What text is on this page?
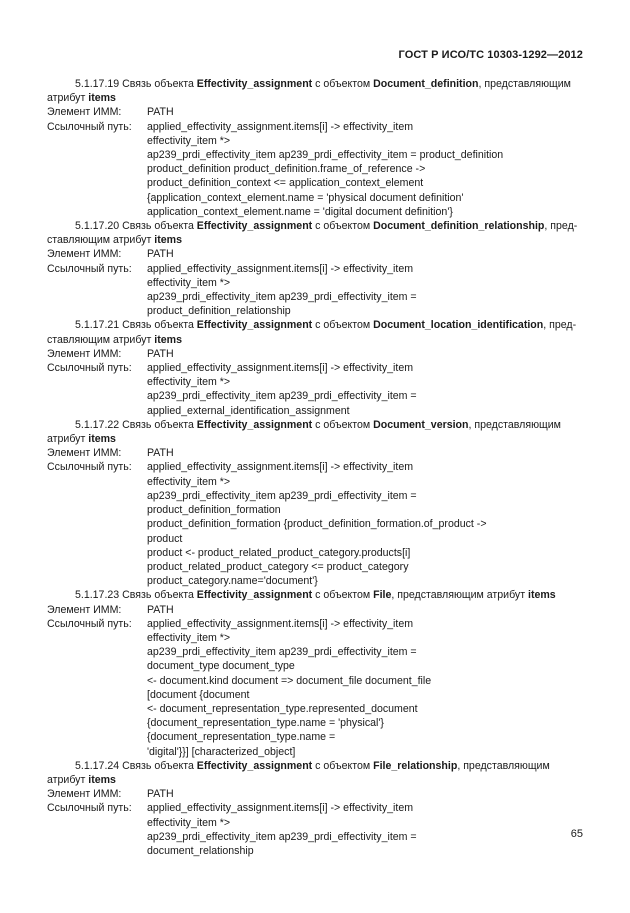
ГОСТ Р ИСО/ТС 10303-1292—2012
5.1.17.19 Связь объекта Effectivity_assignment с объектом Document_definition, представляющим
атрибут items
Элемент ИММ: PATH
Ссылочный путь: applied_effectivity_assignment.items[i] -> effectivity_item
effectivity_item *>
ap239_prdi_effectivity_item ap239_prdi_effectivity_item = product_definition
product_definition product_definition.frame_of_reference ->
product_definition_context <= application_context_element
{application_context_element.name = 'physical document definition'
application_context_element.name = 'digital document definition'}
5.1.17.20 Связь объекта Effectivity_assignment с объектом Document_definition_relationship, пред-
ставляющим атрибут items
Элемент ИММ: PATH
Ссылочный путь: applied_effectivity_assignment.items[i] -> effectivity_item
effectivity_item *>
ap239_prdi_effectivity_item ap239_prdi_effectivity_item =
product_definition_relationship
5.1.17.21 Связь объекта Effectivity_assignment с объектом Document_location_identification, пред-
ставляющим атрибут items
Элемент ИММ: PATH
Ссылочный путь: applied_effectivity_assignment.items[i] -> effectivity_item
effectivity_item *>
ap239_prdi_effectivity_item ap239_prdi_effectivity_item =
applied_external_identification_assignment
5.1.17.22 Связь объекта Effectivity_assignment с объектом Document_version, представляющим
атрибут items
Элемент ИММ: PATH
Ссылочный путь: applied_effectivity_assignment.items[i] -> effectivity_item
effectivity_item *>
ap239_prdi_effectivity_item ap239_prdi_effectivity_item =
product_definition_formation
product_definition_formation {product_definition_formation.of_product ->
product
product <- product_related_product_category.products[i]
product_related_product_category <= product_category
product_category.name='document'}
5.1.17.23 Связь объекта Effectivity_assignment с объектом File, представляющим атрибут items
Элемент ИММ: PATH
Ссылочный путь: applied_effectivity_assignment.items[i] -> effectivity_item
effectivity_item *>
ap239_prdi_effectivity_item ap239_prdi_effectivity_item =
document_type document_type
<- document.kind document => document_file document_file
[document {document
<- document_representation_type.represented_document
{document_representation_type.name = 'physical'}
{document_representation_type.name =
'digital'}}] [characterized_object]
5.1.17.24 Связь объекта Effectivity_assignment с объектом File_relationship, представляющим
атрибут items
Элемент ИММ: PATH
Ссылочный путь: applied_effectivity_assignment.items[i] -> effectivity_item
effectivity_item *>
ap239_prdi_effectivity_item ap239_prdi_effectivity_item =
document_relationship
65
